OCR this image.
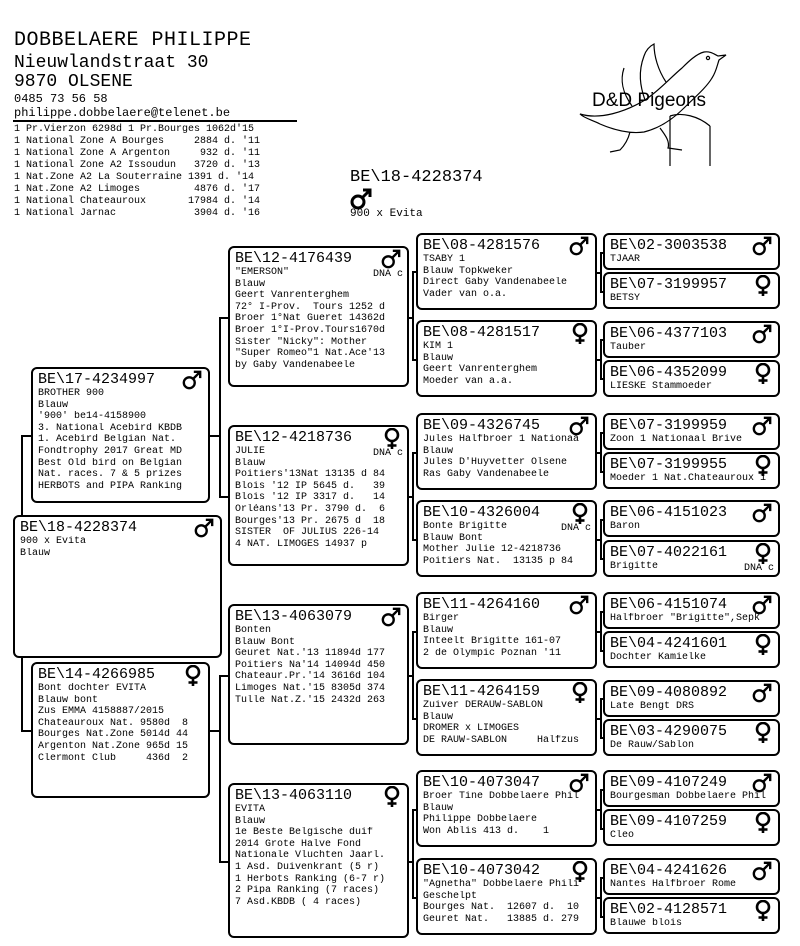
DOBBELAERE PHILIPPE
Nieuwlandstraat 30
9870 OLSENE
0485 73 56 58
philippe.dobbelaere@telenet.be
1 Pr.Vierzon 6298d 1 Pr.Bourges 1062d'15
1 National Zone A Bourges     2884 d. '11
1 National Zone A Argenton     932 d. '11
1 National Zone A2 Issoudun   3720 d. '13
1 Nat.Zone A2 La Souterraine 1391 d. '14
1 Nat.Zone A2 Limoges         4876 d. '17
1 National Chateauroux       17984 d. '14
1 National Jarnac             3904 d. '16
D&D Pigeons
BE\18-4228374
900 x Evita
BE\18-4228374
900 x Evita
Blauw
BE\17-4234997
BROTHER 900
Blauw
'900' be14-4158900
3. National Acebird KBDB
1. Acebird Belgian Nat.
Fondtrophy 2017 Great MD
Best Old bird on Belgian
Nat. races. 7 & 5 prizes
HERBOTS and PIPA Ranking
BE\14-4266985
Bont dochter EVITA
Blauw bont
Zus EMMA 4158887/2015
Chateauroux Nat. 9580d  8
Bourges Nat.Zone 5014d 44
Argenton Nat.Zone 965d 15
Clermont Club     436d  2
BE\12-4176439
DNA c
"EMERSON"
Blauw
Geert Vanrenterghem
72° I-Prov.  Tours 1252 d
Broer 1°Nat Gueret 14362d
Broer 1°I-Prov.Tours1670d
Sister "Nicky": Mother
"Super Romeo"1 Nat.Ace'13
by Gaby Vandenabeele
BE\12-4218736
DNA c
JULIE
Blauw
Poitiers'13Nat 13135 d 84
Blois '12 IP 5645 d.   39
Blois '12 IP 3317 d.   14
Orléans'13 Pr. 3790 d.  6
Bourges'13 Pr. 2675 d  18
SISTER  OF JULIUS 226-14
4 NAT. LIMOGES 14937 p
BE\13-4063079
Bonten
Blauw Bont
Geuret Nat.'13 11894d 177
Poitiers Na'14 14094d 450
Chateaur.Pr.'14 3616d 104
Limoges Nat.'15 8305d 374
Tulle Nat.Z.'15 2432d 263
BE\13-4063110
EVITA
Blauw
1e Beste Belgische duif
2014 Grote Halve Fond
Nationale Vluchten Jaarl.
1 Asd. Duivenkrant (5 r)
1 Herbots Ranking (6-7 r)
2 Pipa Ranking (7 races)
7 Asd.KBDB ( 4 races)
BE\08-4281576
TSABY 1
Blauw Topkweker
Direct Gaby Vandenabeele
Vader van o.a.
BE\08-4281517
KIM 1
Blauw
Geert Vanrenterghem
Moeder van a.a.
BE\09-4326745
Jules Halfbroer 1 Nationaa
Blauw
Jules D'Huyvetter Olsene
Ras Gaby Vandenabeele
BE\10-4326004
DNA c
Bonte Brigitte
Blauw Bont
Mother Julie 12-4218736
Poitiers Nat.  13135 p 84
BE\11-4264160
Birger
Blauw
Inteelt Brigitte 161-07
2 de Olympic Poznan '11
BE\11-4264159
Zuiver DERAUW-SABLON
Blauw
DROMER x LIMOGES
DE RAUW-SABLON     Halfzus
BE\10-4073047
Broer Tine Dobbelaere Phil
Blauw
Philippe Dobbelaere
Won Ablis 413 d.    1
BE\10-4073042
"Agnetha" Dobbelaere Phili
Geschelpt
Bourges Nat.  12607 d.  10
Geuret Nat.   13885 d. 279
BE\02-3003538
TJAAR
BE\07-3199957
BETSY
BE\06-4377103
Tauber
BE\06-4352099
LIESKE Stammoeder
BE\07-3199959
Zoon 1 Nationaal Brive
BE\07-3199955
Moeder 1 Nat.Chateauroux 1
BE\06-4151023
Baron
BE\07-4022161
DNA c
Brigitte
BE\06-4151074
Halfbroer "Brigitte",Sepk
BE\04-4241601
Dochter Kamielke
BE\09-4080892
Late Bengt DRS
BE\03-4290075
De Rauw/Sablon
BE\09-4107249
Bourgesman Dobbelaere Phil
BE\09-4107259
Cleo
BE\04-4241626
Nantes Halfbroer Rome
BE\02-4128571
Blauwe blois
